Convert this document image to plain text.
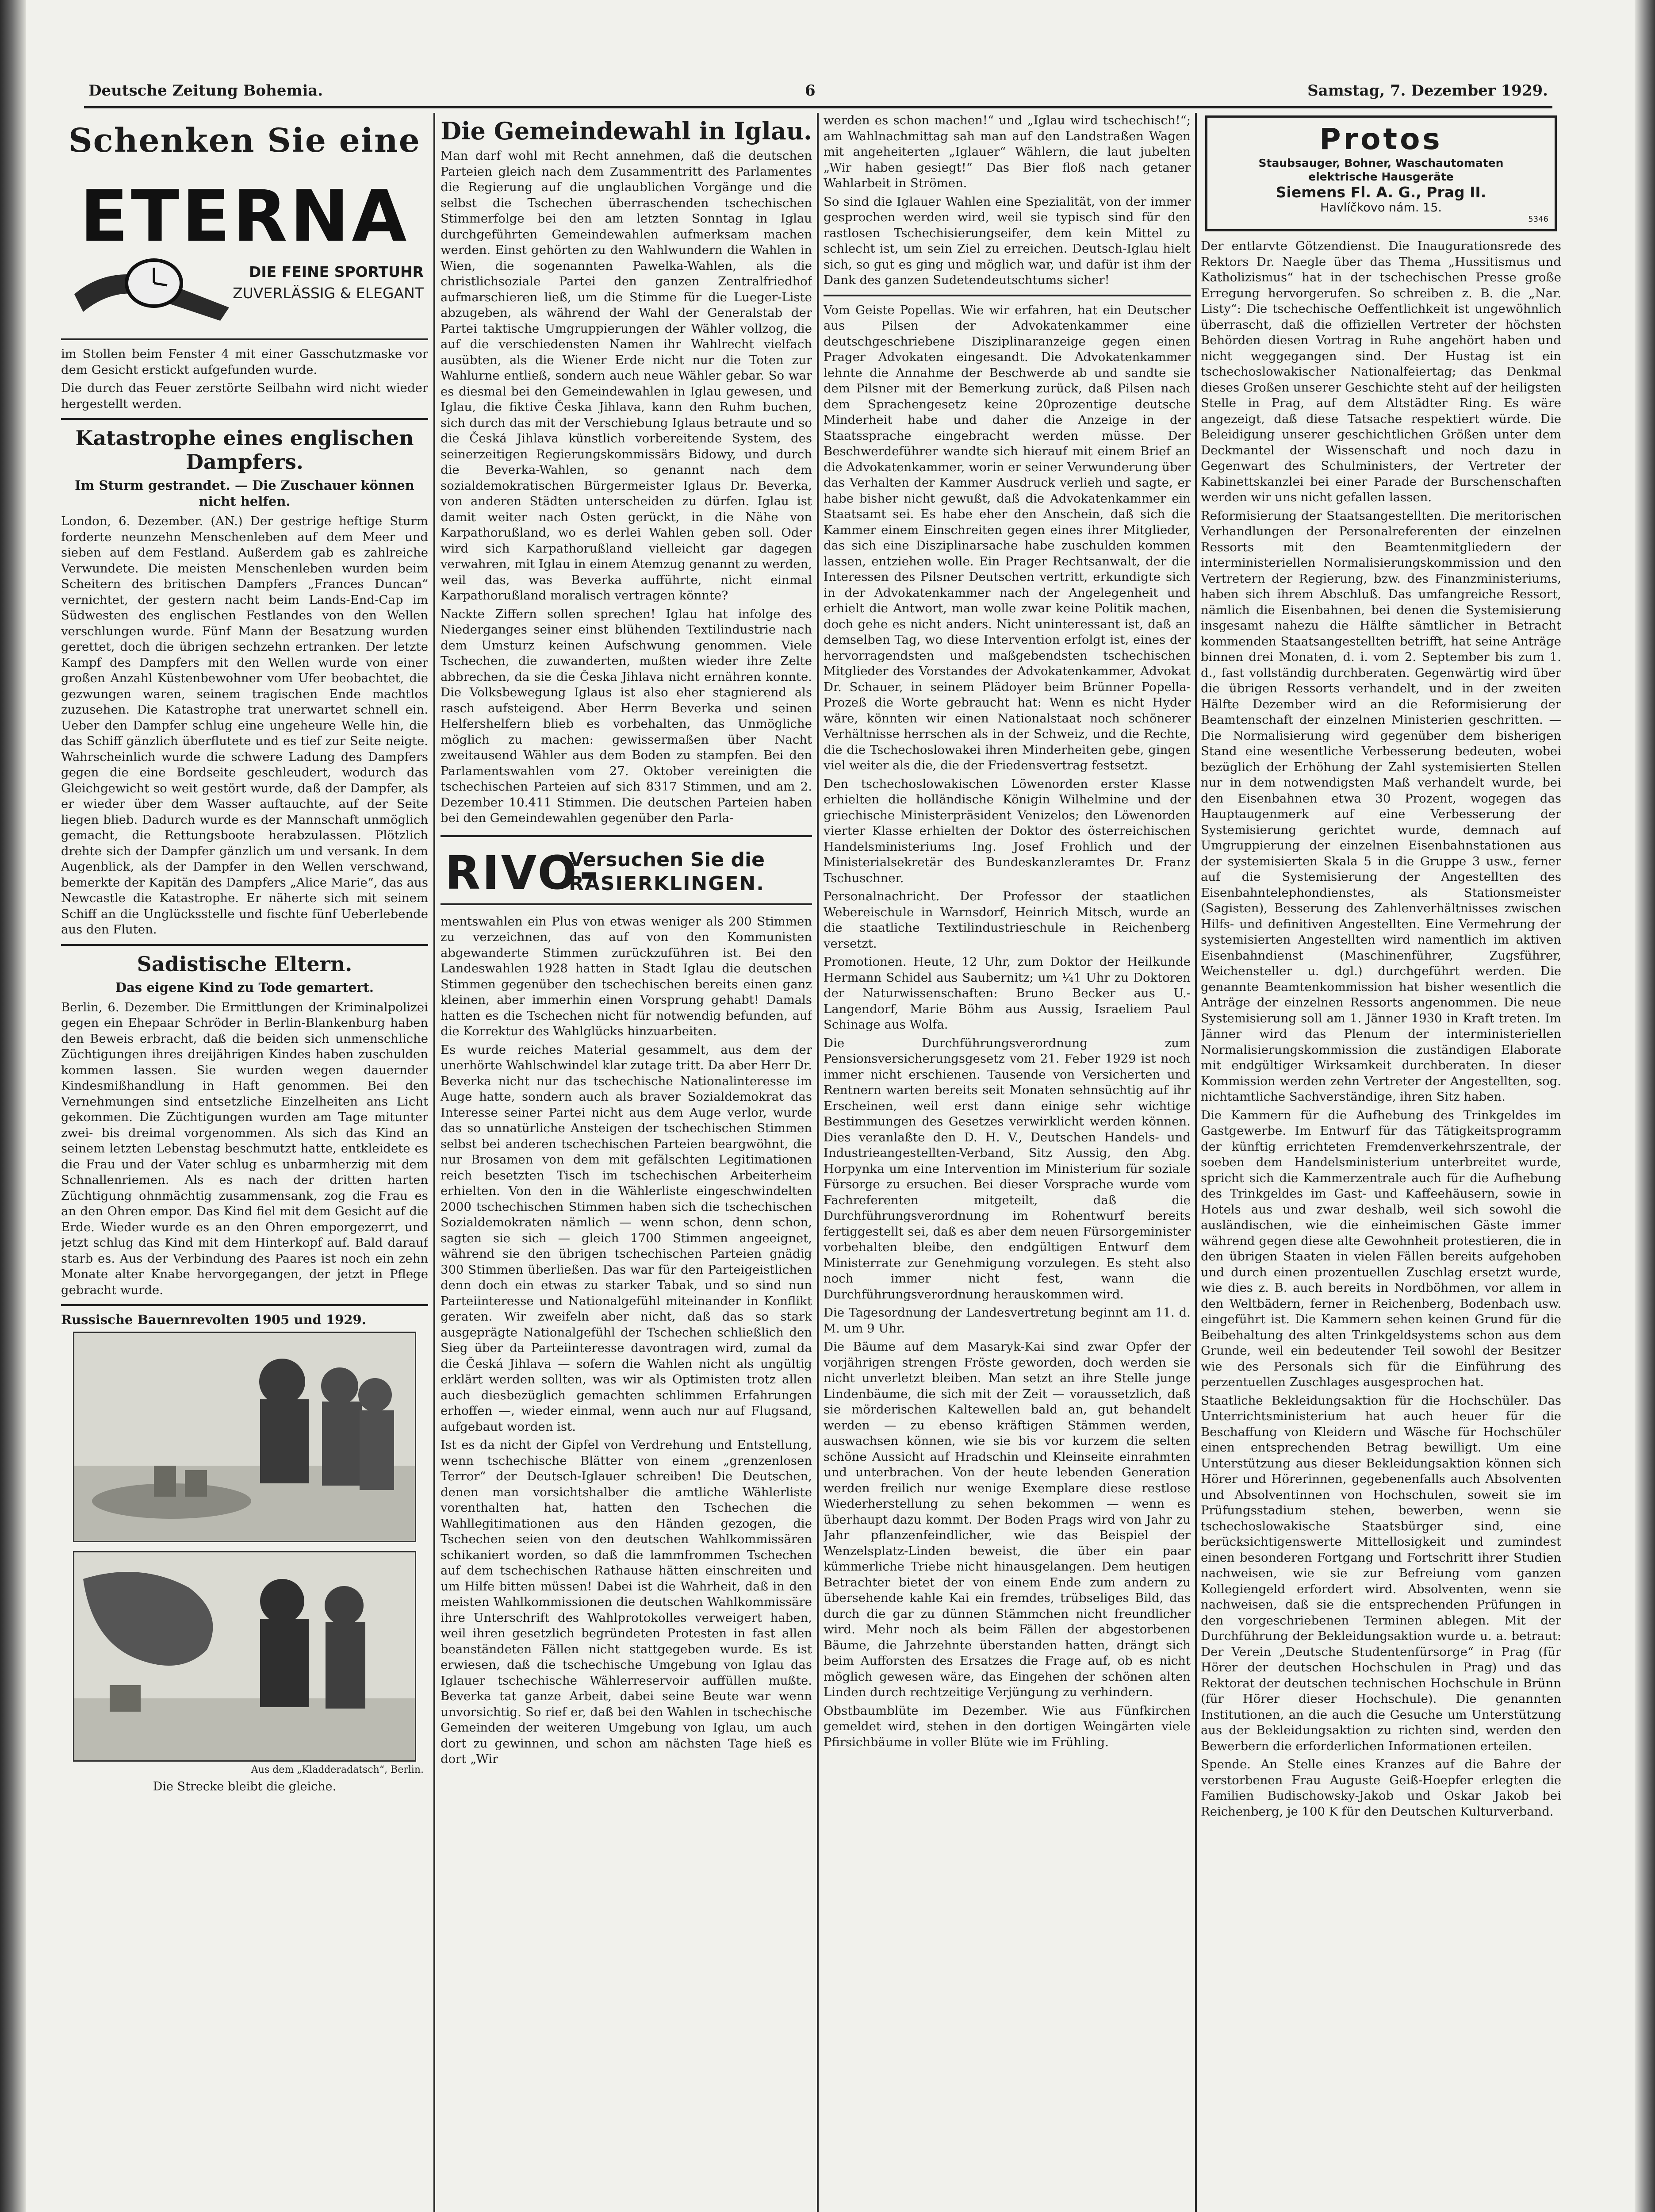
Deutsche Zeitung Bohemia.	6	Samstag, 7. Dezember 1929.
Schenken Sie eine
ETERNA
DIE FEINE SPORTUHR
ZUVERLÄSSIG & ELEGANT

im Stollen beim Fenster 4 mit einer Gasschutzmaske vor dem Gesicht erstickt aufgefunden wurde.

Die durch das Feuer zerstörte Seilbahn wird nicht wieder hergestellt werden.

Katastrophe eines englischen Dampfers.
Im Sturm gestrandet. — Die Zuschauer können nicht helfen.

London, 6. Dezember. (AN.) Der gestrige heftige Sturm forderte neunzehn Menschenleben auf dem Meer und sieben auf dem Festland. Außerdem gab es zahlreiche Verwundete. Die meisten Menschenleben wurden beim Scheitern des britischen Dampfers „Frances Duncan“ vernichtet, der gestern nacht beim Lands-End-Cap im Südwesten des englischen Festlandes von den Wellen verschlungen wurde. Fünf Mann der Besatzung wurden gerettet, doch die übrigen sechzehn ertranken. Der letzte Kampf des Dampfers mit den Wellen wurde von einer großen Anzahl Küstenbewohner vom Ufer beobachtet, die gezwungen waren, seinem tragischen Ende machtlos zuzusehen. Die Katastrophe trat unerwartet schnell ein. Ueber den Dampfer schlug eine ungeheure Welle hin, die das Schiff gänzlich überflutete und es tief zur Seite neigte. Wahrscheinlich wurde die schwere Ladung des Dampfers gegen die eine Bordseite geschleudert, wodurch das Gleichgewicht so weit gestört wurde, daß der Dampfer, als er wieder über dem Wasser auftauchte, auf der Seite liegen blieb. Dadurch wurde es der Mannschaft unmöglich gemacht, die Rettungsboote herabzulassen. Plötzlich drehte sich der Dampfer gänzlich um und versank. In dem Augenblick, als der Dampfer in den Wellen verschwand, bemerkte der Kapitän des Dampfers „Alice Marie“, das aus Newcastle die Katastrophe. Er näherte sich mit seinem Schiff an die Unglücksstelle und fischte fünf Ueberlebende aus den Fluten.

Sadistische Eltern.
Das eigene Kind zu Tode gemartert.

Berlin, 6. Dezember. Die Ermittlungen der Kriminalpolizei gegen ein Ehepaar Schröder in Berlin-Blankenburg haben den Beweis erbracht, daß die beiden sich unmenschliche Züchtigungen ihres dreijährigen Kindes haben zuschulden kommen lassen. Sie wurden wegen dauernder Kindesmißhandlung in Haft genommen. Bei den Vernehmungen sind entsetzliche Einzelheiten ans Licht gekommen. Die Züchtigungen wurden am Tage mitunter zwei- bis dreimal vorgenommen. Als sich das Kind an seinem letzten Lebenstag beschmutzt hatte, entkleidete es die Frau und der Vater schlug es unbarmherzig mit dem Schnallenriemen. Als es nach der dritten harten Züchtigung ohnmächtig zusammensank, zog die Frau es an den Ohren empor. Das Kind fiel mit dem Gesicht auf die Erde. Wieder wurde es an den Ohren emporgezerrt, und jetzt schlug das Kind mit dem Hinterkopf auf. Bald darauf starb es. Aus der Verbindung des Paares ist noch ein zehn Monate alter Knabe hervorgegangen, der jetzt in Pflege gebracht wurde.

Russische Bauernrevolten 1905 und 1929.
Aus dem „Kladderadatsch“, Berlin.
Die Strecke bleibt die gleiche.
Die Gemeindewahl in Iglau.

Man darf wohl mit Recht annehmen, daß die deutschen Parteien gleich nach dem Zusammentritt des Parlamentes die Regierung auf die unglaublichen Vorgänge und die selbst die Tschechen überraschenden tschechischen Stimmerfolge bei den am letzten Sonntag in Iglau durchgeführten Gemeindewahlen aufmerksam machen werden. Einst gehörten zu den Wahlwundern die Wahlen in Wien, die sogenannten Pawelka-Wahlen, als die christlichsoziale Partei den ganzen Zentralfriedhof aufmarschieren ließ, um die Stimme für die Lueger-Liste abzugeben, als während der Wahl der Generalstab der Partei taktische Umgruppierungen der Wähler vollzog, die auf die verschiedensten Namen ihr Wahlrecht vielfach ausübten, als die Wiener Erde nicht nur die Toten zur Wahlurne entließ, sondern auch neue Wähler gebar. So war es diesmal bei den Gemeindewahlen in Iglau gewesen, und Iglau, die fiktive Česka Jihlava, kann den Ruhm buchen, sich durch das mit der Verschiebung Iglaus betraute und so die Česká Jihlava künstlich vorbereitende System, des seinerzeitigen Regierungskommissärs Bidowy, und durch die Beverka-Wahlen, so genannt nach dem sozialdemokratischen Bürgermeister Iglaus Dr. Beverka, von anderen Städten unterscheiden zu dürfen. Iglau ist damit weiter nach Osten gerückt, in die Nähe von Karpathorußland, wo es derlei Wahlen geben soll. Oder wird sich Karpathorußland vielleicht gar dagegen verwahren, mit Iglau in einem Atemzug genannt zu werden, weil das, was Beverka aufführte, nicht einmal Karpathorußland moralisch vertragen könnte?

Nackte Ziffern sollen sprechen! Iglau hat infolge des Niederganges seiner einst blühenden Textilindustrie nach dem Umsturz keinen Aufschwung genommen. Viele Tschechen, die zuwanderten, mußten wieder ihre Zelte abbrechen, da sie die Česka Jihlava nicht ernähren konnte. Die Volksbewegung Iglaus ist also eher stagnierend als rasch aufsteigend. Aber Herrn Beverka und seinen Helfershelfern blieb es vorbehalten, das Unmögliche möglich zu machen: gewissermaßen über Nacht zweitausend Wähler aus dem Boden zu stampfen. Bei den Parlamentswahlen vom 27. Oktober vereinigten die tschechischen Parteien auf sich 8317 Stimmen, und am 2. Dezember 10.411 Stimmen. Die deutschen Parteien haben bei den Gemeindewahlen gegenüber den Parla-

RIVO-
Versuchen Sie die
RASIERKLINGEN.

mentswahlen ein Plus von etwas weniger als 200 Stimmen zu verzeichnen, das auf von den Kommunisten abgewanderte Stimmen zurückzuführen ist. Bei den Landeswahlen 1928 hatten in Stadt Iglau die deutschen Stimmen gegenüber den tschechischen bereits einen ganz kleinen, aber immerhin einen Vorsprung gehabt! Damals hatten es die Tschechen nicht für notwendig befunden, auf die Korrektur des Wahlglücks hinzuarbeiten.

Es wurde reiches Material gesammelt, aus dem der unerhörte Wahlschwindel klar zutage tritt. Da aber Herr Dr. Beverka nicht nur das tschechische Nationalinteresse im Auge hatte, sondern auch als braver Sozialdemokrat das Interesse seiner Partei nicht aus dem Auge verlor, wurde das so unnatürliche Ansteigen der tschechischen Stimmen selbst bei anderen tschechischen Parteien beargwöhnt, die nur Brosamen von dem mit gefälschten Legitimationen reich besetzten Tisch im tschechischen Arbeiterheim erhielten. Von den in die Wählerliste eingeschwindelten 2000 tschechischen Stimmen haben sich die tschechischen Sozialdemokraten nämlich — wenn schon, denn schon, sagten sie sich — gleich 1700 Stimmen angeeignet, während sie den übrigen tschechischen Parteien gnädig 300 Stimmen überließen. Das war für den Parteigeistlichen denn doch ein etwas zu starker Tabak, und so sind nun Parteiinteresse und Nationalgefühl miteinander in Konflikt geraten. Wir zweifeln aber nicht, daß das so stark ausgeprägte Nationalgefühl der Tschechen schließlich den Sieg über da Parteiinteresse davontragen wird, zumal da die Česká Jihlava — sofern die Wahlen nicht als ungültig erklärt werden sollten, was wir als Optimisten trotz allen auch diesbezüglich gemachten schlimmen Erfahrungen erhoffen —, wieder einmal, wenn auch nur auf Flugsand, aufgebaut worden ist.

Ist es da nicht der Gipfel von Verdrehung und Entstellung, wenn tschechische Blätter von einem „grenzenlosen Terror“ der Deutsch-Iglauer schreiben! Die Deutschen, denen man vorsichtshalber die amtliche Wählerliste vorenthalten hat, hatten den Tschechen die Wahllegitimationen aus den Händen gezogen, die Tschechen seien von den deutschen Wahlkommissären schikaniert worden, so daß die lammfrommen Tschechen auf dem tschechischen Rathause hätten einschreiten und um Hilfe bitten müssen! Dabei ist die Wahrheit, daß in den meisten Wahlkommissionen die deutschen Wahlkommissäre ihre Unterschrift des Wahlprotokolles verweigert haben, weil ihren gesetzlich begründeten Protesten in fast allen beanständeten Fällen nicht stattgegeben wurde. Es ist erwiesen, daß die tschechische Umgebung von Iglau das Iglauer tschechische Wählerreservoir auffüllen mußte. Beverka tat ganze Arbeit, dabei seine Beute war wenn unvorsichtig. So rief er, daß bei den Wahlen in tschechische Gemeinden der weiteren Umgebung von Iglau, um auch dort zu gewinnen, und schon am nächsten Tage hieß es dort „Wir

werden es schon machen!“ und „Iglau wird tschechisch!“; am Wahlnachmittag sah man auf den Landstraßen Wagen mit angeheiterten „Iglauer“ Wählern, die laut jubelten „Wir haben gesiegt!“ Das Bier floß nach getaner Wahlarbeit in Strömen.

So sind die Iglauer Wahlen eine Spezialität, von der immer gesprochen werden wird, weil sie typisch sind für den rastlosen Tschechisierungseifer, dem kein Mittel zu schlecht ist, um sein Ziel zu erreichen. Deutsch-Iglau hielt sich, so gut es ging und möglich war, und dafür ist ihm der Dank des ganzen Sudetendeutschtums sicher!

Vom Geiste Popellas. Wie wir erfahren, hat ein Deutscher aus Pilsen der Advokatenkammer eine deutschgeschriebene Disziplinaranzeige gegen einen Prager Advokaten eingesandt. Die Advokatenkammer lehnte die Annahme der Beschwerde ab und sandte sie dem Pilsner mit der Bemerkung zurück, daß Pilsen nach dem Sprachengesetz keine 20prozentige deutsche Minderheit habe und daher die Anzeige in der Staatssprache eingebracht werden müsse. Der Beschwerdeführer wandte sich hierauf mit einem Brief an die Advokatenkammer, worin er seiner Verwunderung über das Verhalten der Kammer Ausdruck verlieh und sagte, er habe bisher nicht gewußt, daß die Advokatenkammer ein Staatsamt sei. Es habe eher den Anschein, daß sich die Kammer einem Einschreiten gegen eines ihrer Mitglieder, das sich eine Disziplinarsache habe zuschulden kommen lassen, entziehen wolle. Ein Prager Rechtsanwalt, der die Interessen des Pilsner Deutschen vertritt, erkundigte sich in der Advokatenkammer nach der Angelegenheit und erhielt die Antwort, man wolle zwar keine Politik machen, doch gehe es nicht anders. Nicht uninteressant ist, daß an demselben Tag, wo diese Intervention erfolgt ist, eines der hervorragendsten und maßgebendsten tschechischen Mitglieder des Vorstandes der Advokatenkammer, Advokat Dr. Schauer, in seinem Plädoyer beim Brünner Popella-Prozeß die Worte gebraucht hat: Wenn es nicht Hyder wäre, könnten wir einen Nationalstaat noch schönerer Verhältnisse herrschen als in der Schweiz, und die Rechte, die die Tschechoslowakei ihren Minderheiten gebe, gingen viel weiter als die, die der Friedensvertrag festsetzt.

Den tschechoslowakischen Löwenorden erster Klasse erhielten die holländische Königin Wilhelmine und der griechische Ministerpräsident Venizelos; den Löwenorden vierter Klasse erhielten der Doktor des österreichischen Handelsministeriums Ing. Josef Frohlich und der Ministerialsekretär des Bundeskanzleramtes Dr. Franz Tschuschner.

Personalnachricht. Der Professor der staatlichen Webereischule in Warnsdorf, Heinrich Mitsch, wurde an die staatliche Textilindustrieschule in Reichenberg versetzt.

Promotionen. Heute, 12 Uhr, zum Doktor der Heilkunde Hermann Schidel aus Saubernitz; um ¼1 Uhr zu Doktoren der Naturwissenschaften: Bruno Becker aus U.-Langendorf, Marie Böhm aus Aussig, Israeliem Paul Schinage aus Wolfa.

Die Durchführungsverordnung zum Pensionsversicherungsgesetz vom 21. Feber 1929 ist noch immer nicht erschienen. Tausende von Versicherten und Rentnern warten bereits seit Monaten sehnsüchtig auf ihr Erscheinen, weil erst dann einige sehr wichtige Bestimmungen des Gesetzes verwirklicht werden können. Dies veranlaßte den D. H. V., Deutschen Handels- und Industrieangestellten-Verband, Sitz Aussig, den Abg. Horpynka um eine Intervention im Ministerium für soziale Fürsorge zu ersuchen. Bei dieser Vorsprache wurde vom Fachreferenten mitgeteilt, daß die Durchführungsverordnung im Rohentwurf bereits fertiggestellt sei, daß es aber dem neuen Fürsorgeminister vorbehalten bleibe, den endgültigen Entwurf dem Ministerrate zur Genehmigung vorzulegen. Es steht also noch immer nicht fest, wann die Durchführungsverordnung herauskommen wird.

Die Tagesordnung der Landesvertretung beginnt am 11. d. M. um 9 Uhr.

Die Bäume auf dem Masaryk-Kai sind zwar Opfer der vorjährigen strengen Fröste geworden, doch werden sie nicht unverletzt bleiben. Man setzt an ihre Stelle junge Lindenbäume, die sich mit der Zeit — voraussetzlich, daß sie mörderischen Kaltewellen bald an, gut behandelt werden — zu ebenso kräftigen Stämmen werden, auswachsen können, wie sie bis vor kurzem die selten schöne Aussicht auf Hradschin und Kleinseite einrahmten und unterbrachen. Von der heute lebenden Generation werden freilich nur wenige Exemplare diese restlose Wiederherstellung zu sehen bekommen — wenn es überhaupt dazu kommt. Der Boden Prags wird von Jahr zu Jahr pflanzenfeindlicher, wie das Beispiel der Wenzelsplatz-Linden beweist, die über ein paar kümmerliche Triebe nicht hinausgelangen. Dem heutigen Betrachter bietet der von einem Ende zum andern zu übersehende kahle Kai ein fremdes, trübseliges Bild, das durch die gar zu dünnen Stämmchen nicht freundlicher wird. Mehr noch als beim Fällen der abgestorbenen Bäume, die Jahrzehnte überstanden hatten, drängt sich beim Aufforsten des Ersatzes die Frage auf, ob es nicht möglich gewesen wäre, das Eingehen der schönen alten Linden durch rechtzeitige Verjüngung zu verhindern.

Obstbaumblüte im Dezember. Wie aus Fünfkirchen gemeldet wird, stehen in den dortigen Weingärten viele Pfirsichbäume in voller Blüte wie im Frühling.

Protos
Staubsauger, Bohner, Waschautomaten
elektrische Hausgeräte
Siemens Fl. A. G., Prag II.
Havlíčkovo nám. 15.
5346

Der entlarvte Götzendienst. Die Inaugurationsrede des Rektors Dr. Naegle über das Thema „Hussitismus und Katholizismus“ hat in der tschechischen Presse große Erregung hervorgerufen. So schreiben z. B. die „Nar. Listy“: Die tschechische Oeffentlichkeit ist ungewöhnlich überrascht, daß die offiziellen Vertreter der höchsten Behörden diesen Vortrag in Ruhe angehört haben und nicht weggegangen sind. Der Hustag ist ein tschechoslowakischer Nationalfeiertag; das Denkmal dieses Großen unserer Geschichte steht auf der heiligsten Stelle in Prag, auf dem Altstädter Ring. Es wäre angezeigt, daß diese Tatsache respektiert würde. Die Beleidigung unserer geschichtlichen Größen unter dem Deckmantel der Wissenschaft und noch dazu in Gegenwart des Schulministers, der Vertreter der Kabinettskanzlei bei einer Parade der Burschenschaften werden wir uns nicht gefallen lassen.

Reformisierung der Staatsangestellten. Die meritorischen Verhandlungen der Personalreferenten der einzelnen Ressorts mit den Beamtenmitgliedern der interministeriellen Normalisierungskommission und den Vertretern der Regierung, bzw. des Finanzministeriums, haben sich ihrem Abschluß. Das umfangreiche Ressort, nämlich die Eisenbahnen, bei denen die Systemisierung insgesamt nahezu die Hälfte sämtlicher in Betracht kommenden Staatsangestellten betrifft, hat seine Anträge binnen drei Monaten, d. i. vom 2. September bis zum 1. d., fast vollständig durchberaten. Gegenwärtig wird über die übrigen Ressorts verhandelt, und in der zweiten Hälfte Dezember wird an die Reformisierung der Beamtenschaft der einzelnen Ministerien geschritten. — Die Normalisierung wird gegenüber dem bisherigen Stand eine wesentliche Verbesserung bedeuten, wobei bezüglich der Erhöhung der Zahl systemisierten Stellen nur in dem notwendigsten Maß verhandelt wurde, bei den Eisenbahnen etwa 30 Prozent, wogegen das Hauptaugenmerk auf eine Verbesserung der Systemisierung gerichtet wurde, demnach auf Umgruppierung der einzelnen Eisenbahnstationen aus der systemisierten Skala 5 in die Gruppe 3 usw., ferner auf die Systemisierung der Angestellten des Eisenbahntelephondienstes, als Stationsmeister (Sagisten), Besserung des Zahlenverhältnisses zwischen Hilfs- und definitiven Angestellten. Eine Vermehrung der systemisierten Angestellten wird namentlich im aktiven Eisenbahndienst (Maschinenführer, Zugsführer, Weichensteller u. dgl.) durchgeführt werden. Die genannte Beamtenkommission hat bisher wesentlich die Anträge der einzelnen Ressorts angenommen. Die neue Systemisierung soll am 1. Jänner 1930 in Kraft treten. Im Jänner wird das Plenum der interministeriellen Normalisierungskommission die zuständigen Elaborate mit endgültiger Wirksamkeit durchberaten. In dieser Kommission werden zehn Vertreter der Angestellten, sog. nichtamtliche Sachverständige, ihren Sitz haben.

Die Kammern für die Aufhebung des Trinkgeldes im Gastgewerbe. Im Entwurf für das Tätigkeitsprogramm der künftig errichteten Fremdenverkehrszentrale, der soeben dem Handelsministerium unterbreitet wurde, spricht sich die Kammerzentrale auch für die Aufhebung des Trinkgeldes im Gast- und Kaffeehäusern, sowie in Hotels aus und zwar deshalb, weil sich sowohl die ausländischen, wie die einheimischen Gäste immer während gegen diese alte Gewohnheit protestieren, die in den übrigen Staaten in vielen Fällen bereits aufgehoben und durch einen prozentuellen Zuschlag ersetzt wurde, wie dies z. B. auch bereits in Nordböhmen, vor allem in den Weltbädern, ferner in Reichenberg, Bodenbach usw. eingeführt ist. Die Kammern sehen keinen Grund für die Beibehaltung des alten Trinkgeldsystems schon aus dem Grunde, weil ein bedeutender Teil sowohl der Besitzer wie des Personals sich für die Einführung des perzentuellen Zuschlages ausgesprochen hat.

Staatliche Bekleidungsaktion für die Hochschüler. Das Unterrichtsministerium hat auch heuer für die Beschaffung von Kleidern und Wäsche für Hochschüler einen entsprechenden Betrag bewilligt. Um eine Unterstützung aus dieser Bekleidungsaktion können sich Hörer und Hörerinnen, gegebenenfalls auch Absolventen und Absolventinnen von Hochschulen, soweit sie im Prüfungsstadium stehen, bewerben, wenn sie tschechoslowakische Staatsbürger sind, eine berücksichtigenswerte Mittellosigkeit und zumindest einen besonderen Fortgang und Fortschritt ihrer Studien nachweisen, wie sie zur Befreiung vom ganzen Kollegiengeld erfordert wird. Absolventen, wenn sie nachweisen, daß sie die entsprechenden Prüfungen in den vorgeschriebenen Terminen ablegen. Mit der Durchführung der Bekleidungsaktion wurde u. a. betraut: Der Verein „Deutsche Studentenfürsorge“ in Prag (für Hörer der deutschen Hochschulen in Prag) und das Rektorat der deutschen technischen Hochschule in Brünn (für Hörer dieser Hochschule). Die genannten Institutionen, an die auch die Gesuche um Unterstützung aus der Bekleidungsaktion zu richten sind, werden den Bewerbern die erforderlichen Informationen erteilen.

Spende. An Stelle eines Kranzes auf die Bahre der verstorbenen Frau Auguste Geiß-Hoepfer erlegten die Familien Budischowsky-Jakob und Oskar Jakob bei Reichenberg, je 100 K für den Deutschen Kulturverband.
